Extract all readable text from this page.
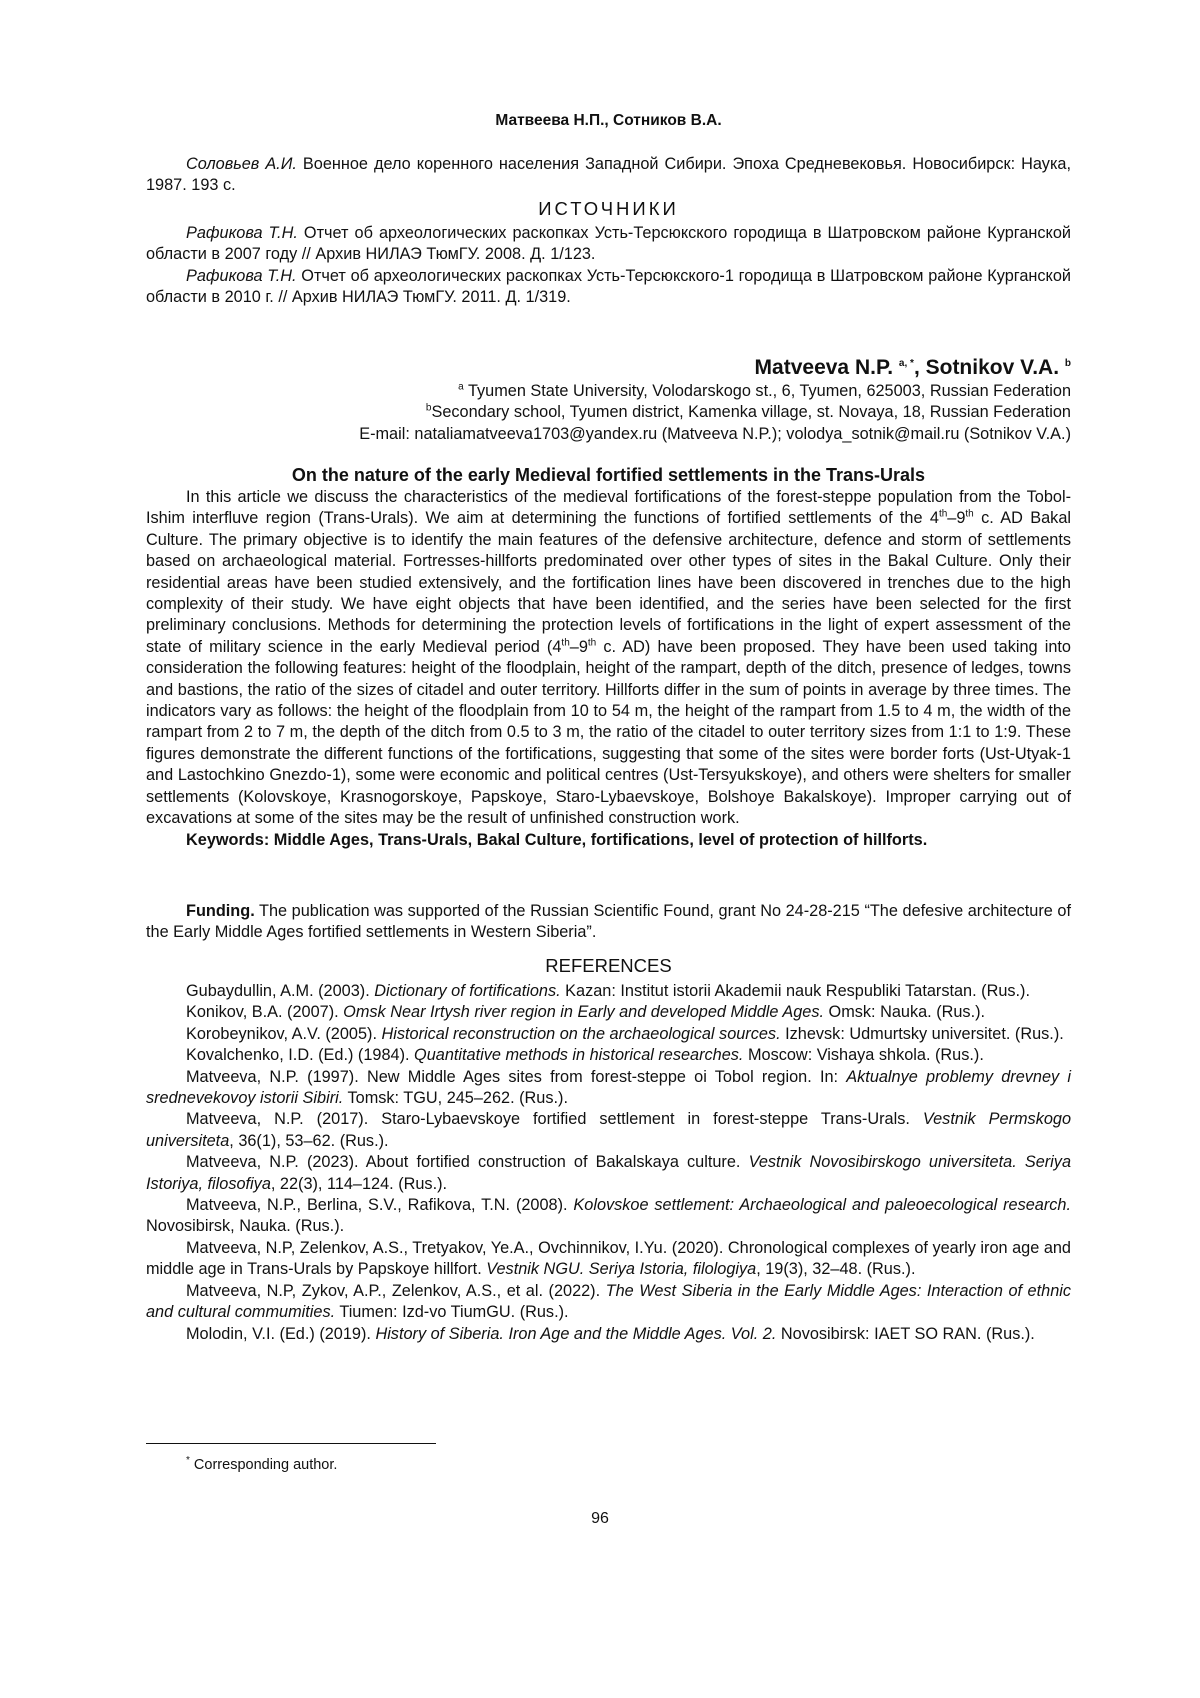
Матвеева Н.П., Сотников В.А.

Соловьев А.И. Военное дело коренного населения Западной Сибири. Эпоха Средневековья. Новосибирск: Наука, 1987. 193 с.

ИСТОЧНИКИ

Рафикова Т.Н. Отчет об археологических раскопках Усть-Терсюкского городища в Шатровском районе Курганской области в 2007 году // Архив НИЛАЭ ТюмГУ. 2008. Д. 1/123.

Рафикова Т.Н. Отчет об археологических раскопках Усть-Терсюкского-1 городища в Шатровском районе Курганской области в 2010 г. // Архив НИЛАЭ ТюмГУ. 2011. Д. 1/319.

Matveeva N.P. $^{a, *}$, Sotnikov V.A. $^b$
$^a$ Tyumen State University, Volodarskogo st., 6, Tyumen, 625003, Russian Federation
$^b$Secondary school, Tyumen district, Kamenka village, st. Novaya, 18, Russian Federation
E-mail: nataliamatveeva1703@yandex.ru (Matveeva N.P.); volodya_sotnik@mail.ru (Sotnikov V.A.)
On the nature of the early Medieval fortified settlements in the Trans-Urals

In this article we discuss the characteristics of the medieval fortifications of the forest-steppe population from the Tobol-Ishim interfluve region (Trans-Urals). We aim at determining the functions of fortified settlements of the 4th–9th c. AD Bakal Culture. The primary objective is to identify the main features of the defensive architecture, defence and storm of settlements based on archaeological material. Fortresses-hillforts predominated over other types of sites in the Bakal Culture. Only their residential areas have been studied extensively, and the fortification lines have been discovered in trenches due to the high complexity of their study. We have eight objects that have been identified, and the series have been selected for the first preliminary conclusions. Methods for determining the protection levels of fortifications in the light of expert assessment of the state of military science in the early Medieval period (4th–9th c. AD) have been proposed. They have been used taking into consideration the following features: height of the floodplain, height of the rampart, depth of the ditch, presence of ledges, towns and bastions, the ratio of the sizes of citadel and outer territory. Hillforts differ in the sum of points in average by three times. The indicators vary as follows: the height of the floodplain from 10 to 54 m, the height of the rampart from 1.5 to 4 m, the width of the rampart from 2 to 7 m, the depth of the ditch from 0.5 to 3 m, the ratio of the citadel to outer territory sizes from 1:1 to 1:9. These figures demonstrate the different functions of the fortifications, suggesting that some of the sites were border forts (Ust-Utyak-1 and Lastochkino Gnezdo-1), some were economic and political centres (Ust-Tersyukskoye), and others were shelters for smaller settlements (Kolovskoye, Krasnogorskoye, Papskoye, Staro-Lybaevskoye, Bolshoye Bakalskoye). Improper carrying out of excavations at some of the sites may be the result of unfinished construction work.

Keywords: Middle Ages, Trans-Urals, Bakal Culture, fortifications, level of protection of hillforts.

Funding. The publication was supported of the Russian Scientific Found, grant No 24-28-215 “The defesive architecture of the Early Middle Ages fortified settlements in Western Siberia”.

REFERENCES

Gubaydullin, A.M. (2003). Dictionary of fortifications. Kazan: Institut istorii Akademii nauk Respubliki Tatarstan. (Rus.).

Konikov, B.A. (2007). Omsk Near Irtysh river region in Early and developed Middle Ages. Omsk: Nauka. (Rus.).

Korobeynikov, A.V. (2005). Historical reconstruction on the archaeological sources. Izhevsk: Udmurtsky universitet. (Rus.).

Kovalchenko, I.D. (Ed.) (1984). Quantitative methods in historical researches. Moscow: Vishaya shkola. (Rus.).

Matveeva, N.P. (1997). New Middle Ages sites from forest-steppe oi Tobol region. In: Aktualnye problemy drevney i srednevekovoy istorii Sibiri. Tomsk: TGU, 245–262. (Rus.).

Matveeva, N.P. (2017). Staro-Lybaevskoye fortified settlement in forest-steppe Trans-Urals. Vestnik Permskogo universiteta, 36(1), 53–62. (Rus.).

Matveeva, N.P. (2023). About fortified construction of Bakalskaya culture. Vestnik Novosibirskogo universiteta. Seriya Istoriya, filosofiya, 22(3), 114–124. (Rus.).

Matveeva, N.P., Berlina, S.V., Rafikova, T.N. (2008). Kolovskoe settlement: Archaeological and paleoecological research. Novosibirsk, Nauka. (Rus.).

Matveeva, N.P, Zelenkov, A.S., Tretyakov, Ye.A., Ovchinnikov, I.Yu. (2020). Chronological complexes of yearly iron age and middle age in Trans-Urals by Papskoye hillfort. Vestnik NGU. Seriya Istoria, filologiya, 19(3), 32–48. (Rus.).

Matveeva, N.P, Zykov, A.P., Zelenkov, A.S., et al. (2022). The West Siberia in the Early Middle Ages: Interaction of ethnic and cultural commumities. Tiumen: Izd-vo TiumGU. (Rus.).

Molodin, V.I. (Ed.) (2019). History of Siberia. Iron Age and the Middle Ages. Vol. 2. Novosibirsk: IAET SO RAN. (Rus.).

* Corresponding author.
96
